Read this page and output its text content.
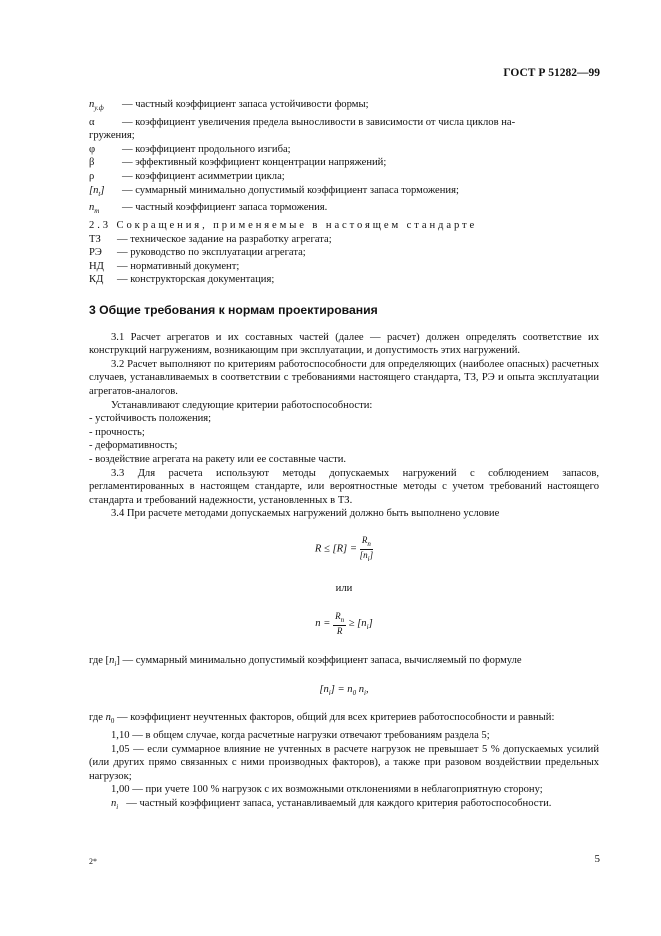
ГОСТ Р 51282—99
$n_{у.ф}$	— частный коэффициент запаса устойчивости формы;
α	— коэффициент увеличения предела выносливости в зависимости от числа циклов на-
гружения;
φ	— коэффициент продольного изгиба;
β	— эффективный коэффициент концентрации напряжений;
ρ	— коэффициент асимметрии цикла;
$[n_t]$	— суммарный минимально допустимый коэффициент запаса торможения;
$n_т$	— частный коэффициент запаса торможения.
2.3 Сокращения, применяемые в настоящем стандарте
ТЗ	— техническое задание на разработку агрегата;
РЭ	— руководство по эксплуатации агрегата;
НД	— нормативный документ;
КД	— конструкторская документация;
3 Общие требования к нормам проектирования

3.1 Расчет агрегатов и их составных частей (далее — расчет) должен определять соответствие их конструкций нагружениям, возникающим при эксплуатации, и допустимость этих нагружений.

3.2 Расчет выполняют по критериям работоспособности для определяющих (наиболее опасных) расчетных случаев, устанавливаемых в соответствии с требованиями настоящего стандарта, ТЗ, РЭ и опыта эксплуатации агрегатов-аналогов.

Устанавливают следующие критерии работоспособности:

- устойчивость положения;
- прочность;
- деформативность;
- воздействие агрегата на ракету или ее составные части.

3.3 Для расчета используют методы допускаемых нагружений с соблюдением запасов, регламентированных в настоящем стандарте, или вероятностные методы с учетом требований настоящего стандарта и требований надежности, установленных в ТЗ.

3.4 При расчете методами допускаемых нагружений должно быть выполнено условие

$R \le [R] = \frac{R_п}{[n_i]}$
или
$n = \frac{R_п}{R} \ge [n_i]$

где $[n_i]$ — суммарный минимально допустимый коэффициент запаса, вычисляемый по формуле

$[n_i] = n_0$ $n_i$,

где $n_0$ — коэффициент неучтенных факторов, общий для всех критериев работоспособности и равный:

1,10 — в общем случае, когда расчетные нагрузки отвечают требованиям раздела 5;

1,05 — если суммарное влияние не учтенных в расчете нагрузок не превышает 5 % допускаемых усилий (или других прямо связанных с ними производных факторов), а также при разовом воздействии предельных нагрузок;

1,00 — при учете 100 % нагрузок с их возможными отклонениями в неблагоприятную сторону;

$n_i$ — частный коэффициент запаса, устанавливаемый для каждого критерия работоспособности.

2*	5
